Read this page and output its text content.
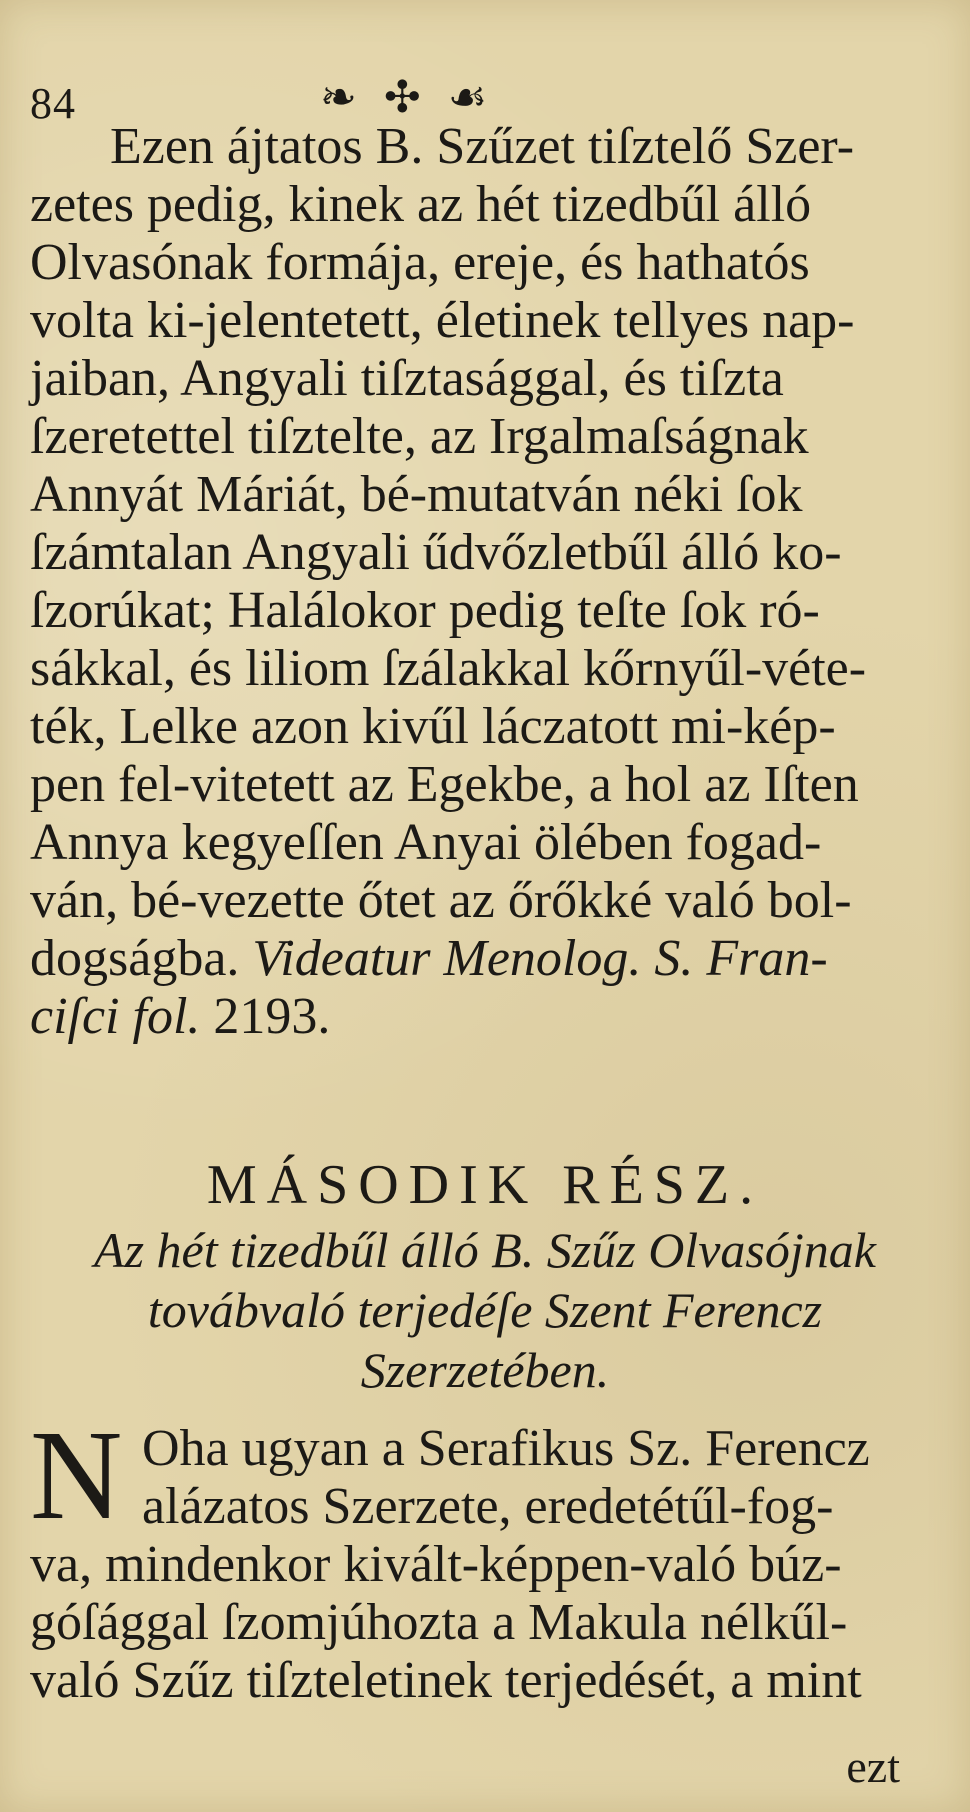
84	❧ ✣ ☙
Ezen ájtatos B. Szűzet tiſztelő Szer-
zetes pedig, kinek az hét tizedbűl álló
Olvasónak formája, ereje, és hathatós
volta ki-jelentetett, életinek tellyes nap-
jaiban, Angyali tiſztasággal, és tiſzta
ſzeretettel tiſztelte, az Irgalmaſságnak
Annyát Máriát, bé-mutatván néki ſok
ſzámtalan Angyali űdvőzletbűl álló ko-
ſzorúkat; Halálokor pedig teſte ſok ró-
sákkal, és liliom ſzálakkal kőrnyűl-véte-
ték, Lelke azon kivűl láczatott mi-kép-
pen fel-vitetett az Egekbe, a hol az Iſten
Annya kegyeſſen Anyai ölében fogad-
ván, bé-vezette őtet az őrőkké való bol-
dogságba. Videatur Menolog. S. Fran-
ciſci fol. 2193.
MÁSODIK RÉSZ.
Az hét tizedbűl álló B. Szűz Olvasójnak
továbvaló terjedéſe Szent Ferencz
Szerzetében.
N Oha ugyan a Serafikus Sz. Ferencz
alázatos Szerzete, eredetétűl-fog-
va, mindenkor kivált-képpen-való búz-
góſággal ſzomjúhozta a Makula nélkűl-
való Szűz tiſzteletinek terjedését, a mint
ezt
